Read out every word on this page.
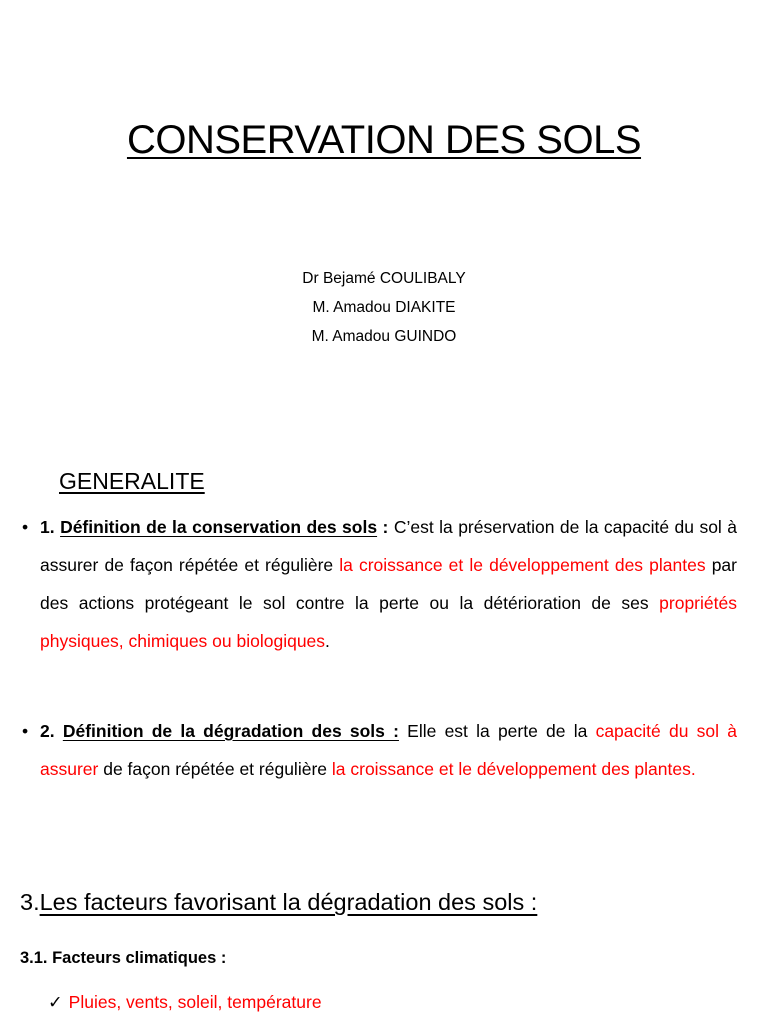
CONSERVATION DES SOLS
Dr Bejamé COULIBALY
M. Amadou DIAKITE
M. Amadou GUINDO
GENERALITE
• 1. Définition de la conservation des sols : C’est la préservation de la capacité du sol à assurer de façon répétée et régulière la croissance et le développement des plantes par des actions protégeant le sol contre la perte ou la détérioration de ses propriétés physiques, chimiques ou biologiques.
• 2. Définition de la dégradation des sols : Elle est la perte de la capacité du sol à assurer de façon répétée et régulière la croissance et le développement des plantes.
3.Les facteurs favorisant la dégradation des sols :
3.1. Facteurs climatiques :
✓ Pluies, vents, soleil, température
